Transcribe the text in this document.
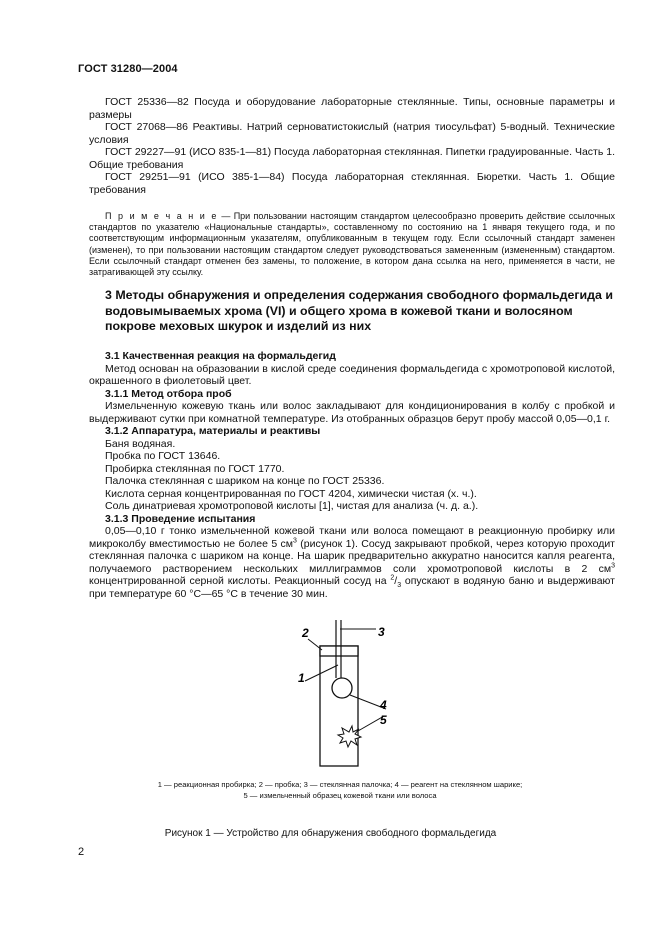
ГОСТ 31280—2004

ГОСТ 25336—82 Посуда и оборудование лабораторные стеклянные. Типы, основные параметры и размеры

ГОСТ 27068—86 Реактивы. Натрий серноватистокислый (натрия тиосульфат) 5-водный. Технические условия

ГОСТ 29227—91 (ИСО 835-1—81) Посуда лабораторная стеклянная. Пипетки градуированные. Часть 1. Общие требования

ГОСТ 29251—91 (ИСО 385-1—84) Посуда лабораторная стеклянная. Бюретки. Часть 1. Общие требования

П р и м е ч а н и е — При пользовании настоящим стандартом целесообразно проверить действие ссылочных стандартов по указателю «Национальные стандарты», составленному по состоянию на 1 января текущего года, и по соответствующим информационным указателям, опубликованным в текущем году. Если ссылочный стандарт заменен (изменен), то при пользовании настоящим стандартом следует руководствоваться замененным (измененным) стандартом. Если ссылочный стандарт отменен без замены, то положение, в котором дана ссылка на него, применяется в части, не затрагивающей эту ссылку.
3 Методы обнаружения и определения содержания свободного формальдегида и водовымываемых хрома (VI) и общего хрома в кожевой ткани и волосяном покрове меховых шкурок и изделий из них

3.1 Качественная реакция на формальдегид

Метод основан на образовании в кислой среде соединения формальдегида с хромотроповой кислотой, окрашенного в фиолетовый цвет.

3.1.1 Метод отбора проб

Измельченную кожевую ткань или волос закладывают для кондиционирования в колбу с пробкой и выдерживают сутки при комнатной температуре. Из отобранных образцов берут пробу массой 0,05—0,1 г.

3.1.2 Аппаратура, материалы и реактивы

Баня водяная.

Пробка по ГОСТ 13646.

Пробирка стеклянная по ГОСТ 1770.

Палочка стеклянная с шариком на конце по ГОСТ 25336.

Кислота серная концентрированная по ГОСТ 4204, химически чистая (х. ч.).

Соль динатриевая хромотроповой кислоты [1], чистая для анализа (ч. д. а.).

3.1.3 Проведение испытания

0,05—0,10 г тонко измельченной кожевой ткани или волоса помещают в реакционную пробирку или микроколбу вместимостью не более 5 $см^3$ (рисунок 1). Сосуд закрывают пробкой, через которую проходит стеклянная палочка с шариком на конце. На шарик предварительно аккуратно наносится капля реагента, получаемого растворением нескольких миллиграммов соли хромотроповой кислоты в 2 $см^3$ концентрированной серной кислоты. Реакционный сосуд на $^2/_3$ опускают в водяную баню и выдерживают при температуре 60 °C—65 °C в течение 30 мин.

2	3
1
4
5
1 — реакционная пробирка; 2 — пробка; 3 — стеклянная палочка; 4 — реагент на стеклянном шарике;
5 — измельченный образец кожевой ткани или волоса
Рисунок 1 — Устройство для обнаружения свободного формальдегида
2
